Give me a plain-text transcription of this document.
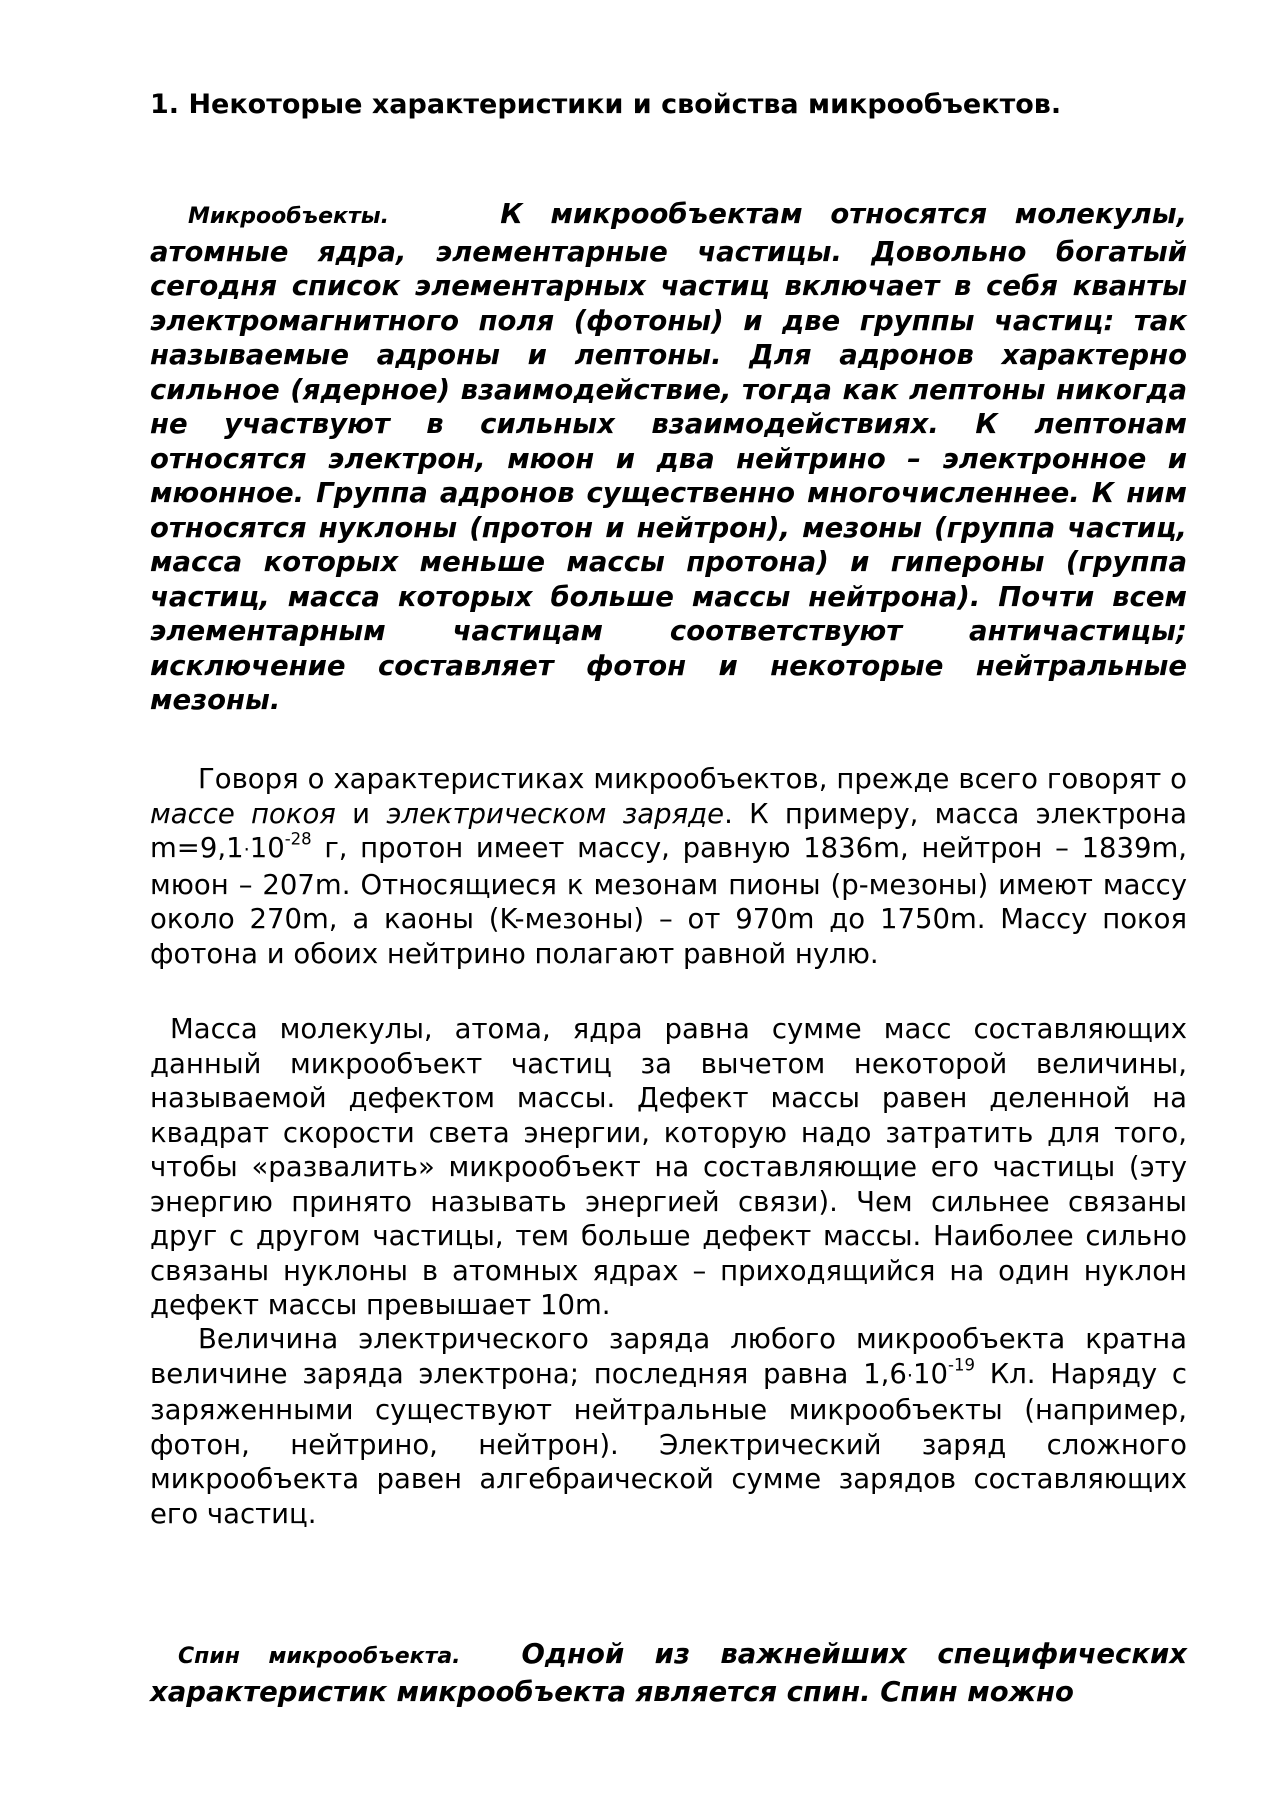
1. Некоторые характеристики и свойства микрообъектов.

Микрообъекты.	К микрообъектам относятся молекулы, атомные ядра, элементарные частицы. Довольно богатый сегодня список элементарных частиц включает в себя кванты электромагнитного поля (фотоны) и две группы частиц: так называемые адроны и лептоны. Для адронов характерно сильное (ядерное) взаимодействие, тогда как лептоны никогда не участвуют в сильных взаимодействиях. К лептонам относятся электрон, мюон и два нейтрино – электронное и мюонное. Группа адронов существенно многочисленнее. К ним относятся нуклоны (протон и нейтрон), мезоны (группа частиц, масса которых меньше массы протона) и гипероны (группа частиц, масса которых больше массы нейтрона). Почти всем элементарным частицам соответствуют античастицы; исключение составляет фотон и некоторые нейтральные мезоны.

Говоря о характеристиках микрообъектов, прежде всего говорят о массе покоя и электрическом заряде. К примеру, масса электрона $m=9,1\cdot 10^{-28}$ г, протон имеет массу, равную 1836m, нейтрон – 1839m, мюон – 207m. Относящиеся к мезонам пионы (p-мезоны) имеют массу около 270m, а каоны (K-мезоны) – от 970m до 1750m. Массу покоя фотона и обоих нейтрино полагают равной нулю.

Масса молекулы, атома, ядра равна сумме масс составляющих данный микрообъект частиц за вычетом некоторой величины, называемой дефектом массы. Дефект массы равен деленной на квадрат скорости света энергии, которую надо затратить для того, чтобы «развалить» микрообъект на составляющие его частицы (эту энергию принято называть энергией связи). Чем сильнее связаны друг с другом частицы, тем больше дефект массы. Наиболее сильно связаны нуклоны в атомных ядрах – приходящийся на один нуклон дефект массы превышает 10m.

Величина электрического заряда любого микрообъекта кратна величине заряда электрона; последняя равна $1,6\cdot 10^{-19}$ Кл. Наряду с заряженными существуют нейтральные микрообъекты (например, фотон, нейтрино, нейтрон). Электрический заряд сложного микрообъекта равен алгебраической сумме зарядов составляющих его частиц.

Спин микрообъекта. Одной из важнейших специфических характеристик микрообъекта является спин. Спин можно
